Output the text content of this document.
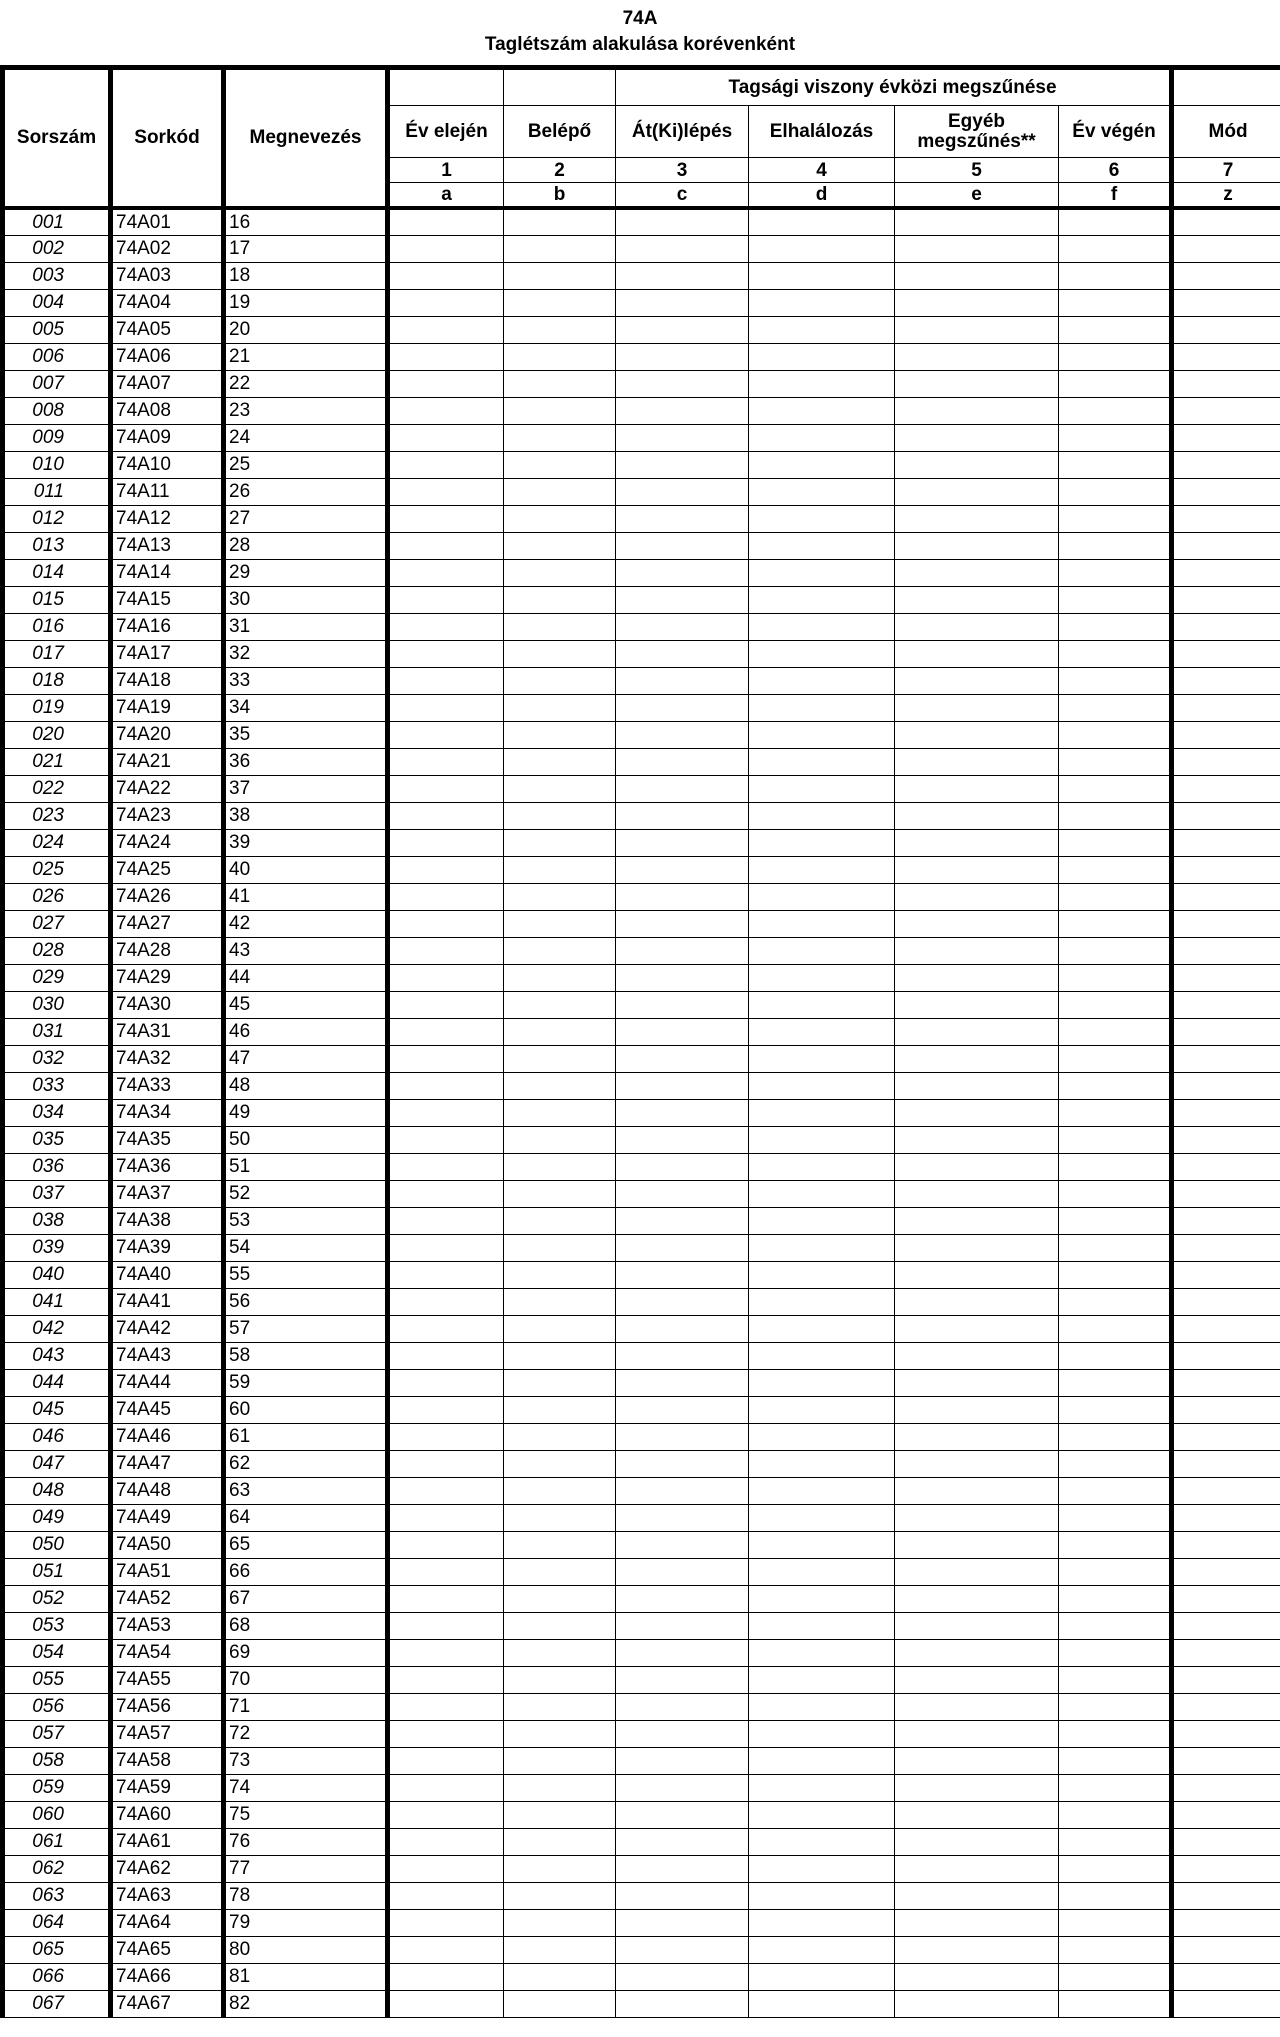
74A
Taglétszám alakulása korévenként
Sorszám	Sorkód	Megnevezés			Tagsági viszony évközi megszűnése				
			Év elején	Belépő	Át(Ki)lépés	Elhalálozás	Egyéb megszűnés**	Év végén	Mód
			1	2	3	4	5	6	7
			a	b	c	d	e	f	z
001	74A01	16							
002	74A02	17							
003	74A03	18							
004	74A04	19							
005	74A05	20							
006	74A06	21							
007	74A07	22							
008	74A08	23							
009	74A09	24							
010	74A10	25							
011	74A11	26							
012	74A12	27							
013	74A13	28							
014	74A14	29							
015	74A15	30							
016	74A16	31							
017	74A17	32							
018	74A18	33							
019	74A19	34							
020	74A20	35							
021	74A21	36							
022	74A22	37							
023	74A23	38							
024	74A24	39							
025	74A25	40							
026	74A26	41							
027	74A27	42							
028	74A28	43							
029	74A29	44							
030	74A30	45							
031	74A31	46							
032	74A32	47							
033	74A33	48							
034	74A34	49							
035	74A35	50							
036	74A36	51							
037	74A37	52							
038	74A38	53							
039	74A39	54							
040	74A40	55							
041	74A41	56							
042	74A42	57							
043	74A43	58							
044	74A44	59							
045	74A45	60							
046	74A46	61							
047	74A47	62							
048	74A48	63							
049	74A49	64							
050	74A50	65							
051	74A51	66							
052	74A52	67							
053	74A53	68							
054	74A54	69							
055	74A55	70							
056	74A56	71							
057	74A57	72							
058	74A58	73							
059	74A59	74							
060	74A60	75							
061	74A61	76							
062	74A62	77							
063	74A63	78							
064	74A64	79							
065	74A65	80							
066	74A66	81							
067	74A67	82							
